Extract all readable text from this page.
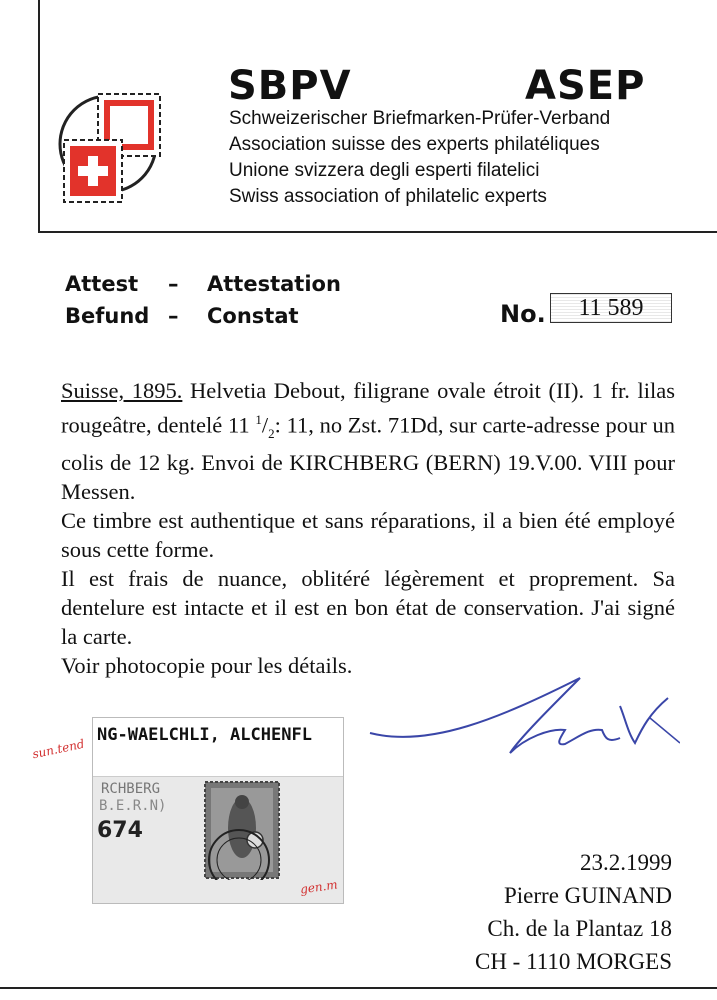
SBPV	ASEP
Schweizerischer Briefmarken-Prüfer-Verband
Association suisse des experts philatéliques
Unione svizzera degli esperti filatelici
Swiss association of philatelic experts
Attest – Attestation
Befund – Constat	No.	11 589

Suisse, 1895. Helvetia Debout, filigrane ovale étroit (II). 1 fr. lilas rougeâtre, dentelé 11 $^1/_2$: 11, no Zst. 71Dd, sur carte-adresse pour un colis de 12 kg. Envoi de KIRCHBERG (BERN) 19.V.00. VIII pour Messen.

Ce timbre est authentique et sans réparations, il a bien été employé sous cette forme.

Il est frais de nuance, oblitéré légèrement et proprement. Sa dentelure est intacte et il est en bon état de conservation. J'ai signé la carte.

Voir photocopie pour les détails.

NG-WAELCHLI, ALCHENFL
RCHBERG
B.E.R.N)
674
sun.tend
gen.m
23.2.1999
Pierre GUINAND
Ch. de la Plantaz 18
CH - 1110 MORGES
